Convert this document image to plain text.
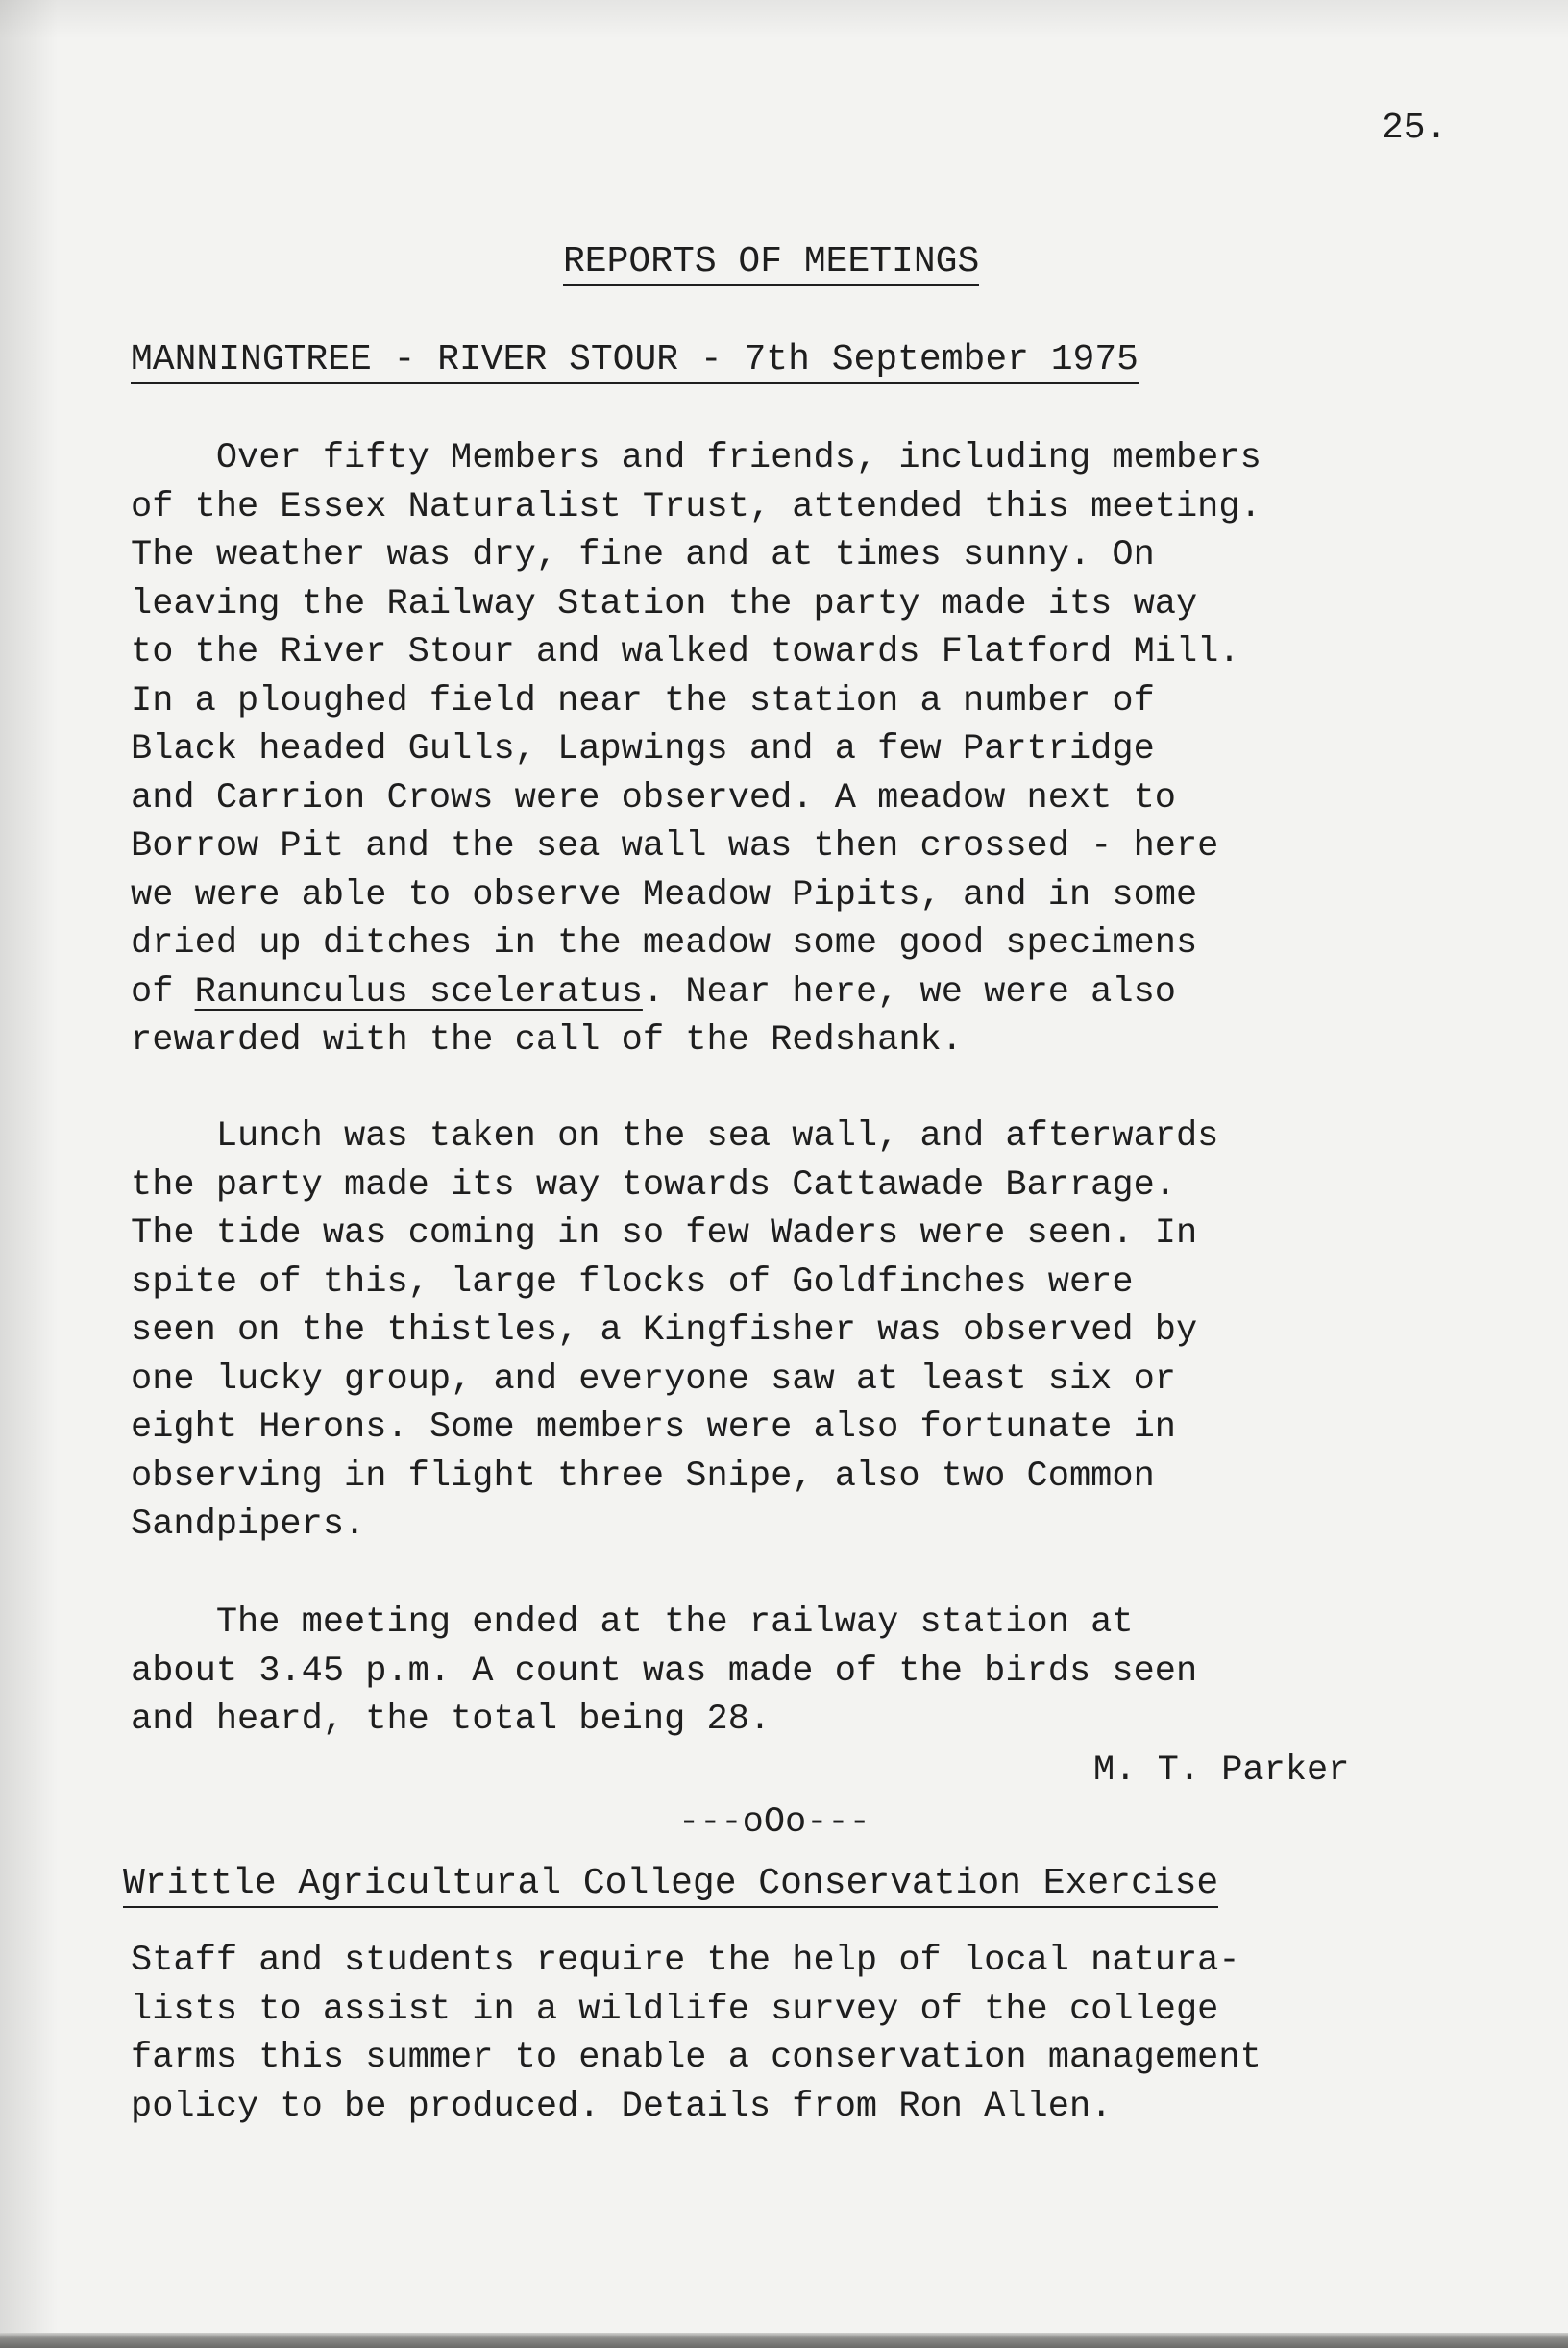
25.
REPORTS OF MEETINGS
MANNINGTREE - RIVER STOUR - 7th September 1975
Over fifty Members and friends, including members
of the Essex Naturalist Trust, attended this meeting.
The weather was dry, fine and at times sunny. On
leaving the Railway Station the party made its way
to the River Stour and walked towards Flatford Mill.
In a ploughed field near the station a number of
Black headed Gulls, Lapwings and a few Partridge
and Carrion Crows were observed. A meadow next to
Borrow Pit and the sea wall was then crossed - here
we were able to observe Meadow Pipits, and in some
dried up ditches in the meadow some good specimens
of Ranunculus sceleratus. Near here, we were also
rewarded with the call of the Redshank.
Lunch was taken on the sea wall, and afterwards
the party made its way towards Cattawade Barrage.
The tide was coming in so few Waders were seen. In
spite of this, large flocks of Goldfinches were
seen on the thistles, a Kingfisher was observed by
one lucky group, and everyone saw at least six or
eight Herons. Some members were also fortunate in
observing in flight three Snipe, also two Common
Sandpipers.
The meeting ended at the railway station at
about 3.45 p.m. A count was made of the birds seen
and heard, the total being 28.
M. T. Parker
---oOo---
Writtle Agricultural College Conservation Exercise
Staff and students require the help of local natura-
lists to assist in a wildlife survey of the college
farms this summer to enable a conservation management
policy to be produced. Details from Ron Allen.
